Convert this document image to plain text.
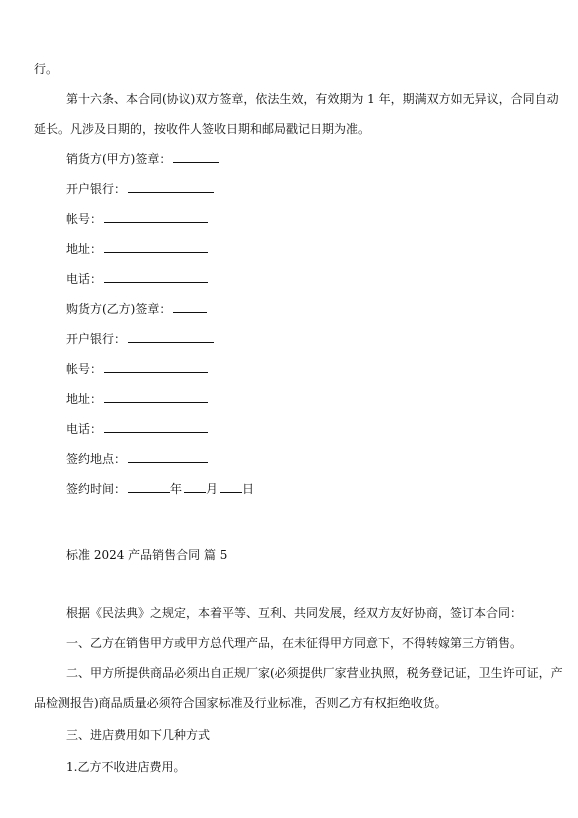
行。
第十六条、本合同(协议)双方签章，依法生效，有效期为 1 年，期满双方如无异议，合同自动
延长。凡涉及日期的，按收件人签收日期和邮局戳记日期为准。
销货方(甲方)签章：
开户银行：
帐号：
地址：
电话：
购货方(乙方)签章：
开户银行：
帐号：
地址：
电话：
签约地点：
签约时间：	年 月 日
标准 2024 产品销售合同 篇 5
根据《民法典》之规定，本着平等、互利、共同发展，经双方友好协商，签订本合同：
一、乙方在销售甲方或甲方总代理产品，在未征得甲方同意下，不得转嫁第三方销售。
二、甲方所提供商品必须出自正规厂家(必须提供厂家营业执照，税务登记证，卫生许可证，产
品检测报告)商品质量必须符合国家标准及行业标准，否则乙方有权拒绝收货。
三、进店费用如下几种方式
1.乙方不收进店费用。
